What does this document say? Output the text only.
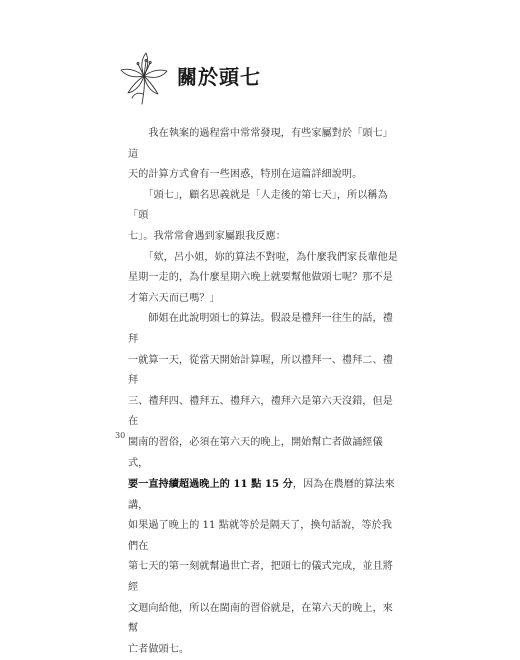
關於頭七

　　我在執案的過程當中常常發現，有些家屬對於「頭七」這
天的計算方式會有一些困惑，特別在這篇詳細說明。

　　「頭七」，顧名思義就是「人走後的第七天」，所以稱為「頭
七」。我常常會遇到家屬跟我反應：

　　「欸，呂小姐，妳的算法不對啦，為什麼我們家長輩他是
星期一走的，為什麼星期六晚上就要幫他做頭七呢？那不是
才第六天而已嗎？」

　　師姐在此說明頭七的算法。假設是禮拜一往生的話，禮拜
一就算一天，從當天開始計算喔，所以禮拜一、禮拜二、禮拜
三、禮拜四、禮拜五、禮拜六，禮拜六是第六天沒錯，但是在
閩南的習俗，必須在第六天的晚上，開始幫亡者做誦經儀式，
要一直持續超過晚上的 11 點 15 分，因為在農曆的算法來講，
如果過了晚上的 11 點就等於是隔天了，換句話說，等於我們在
第七天的第一刻就幫過世亡者，把頭七的儀式完成，並且將經
文迴向給他，所以在閩南的習俗就是，在第六天的晚上，來幫
亡者做頭七。

30
